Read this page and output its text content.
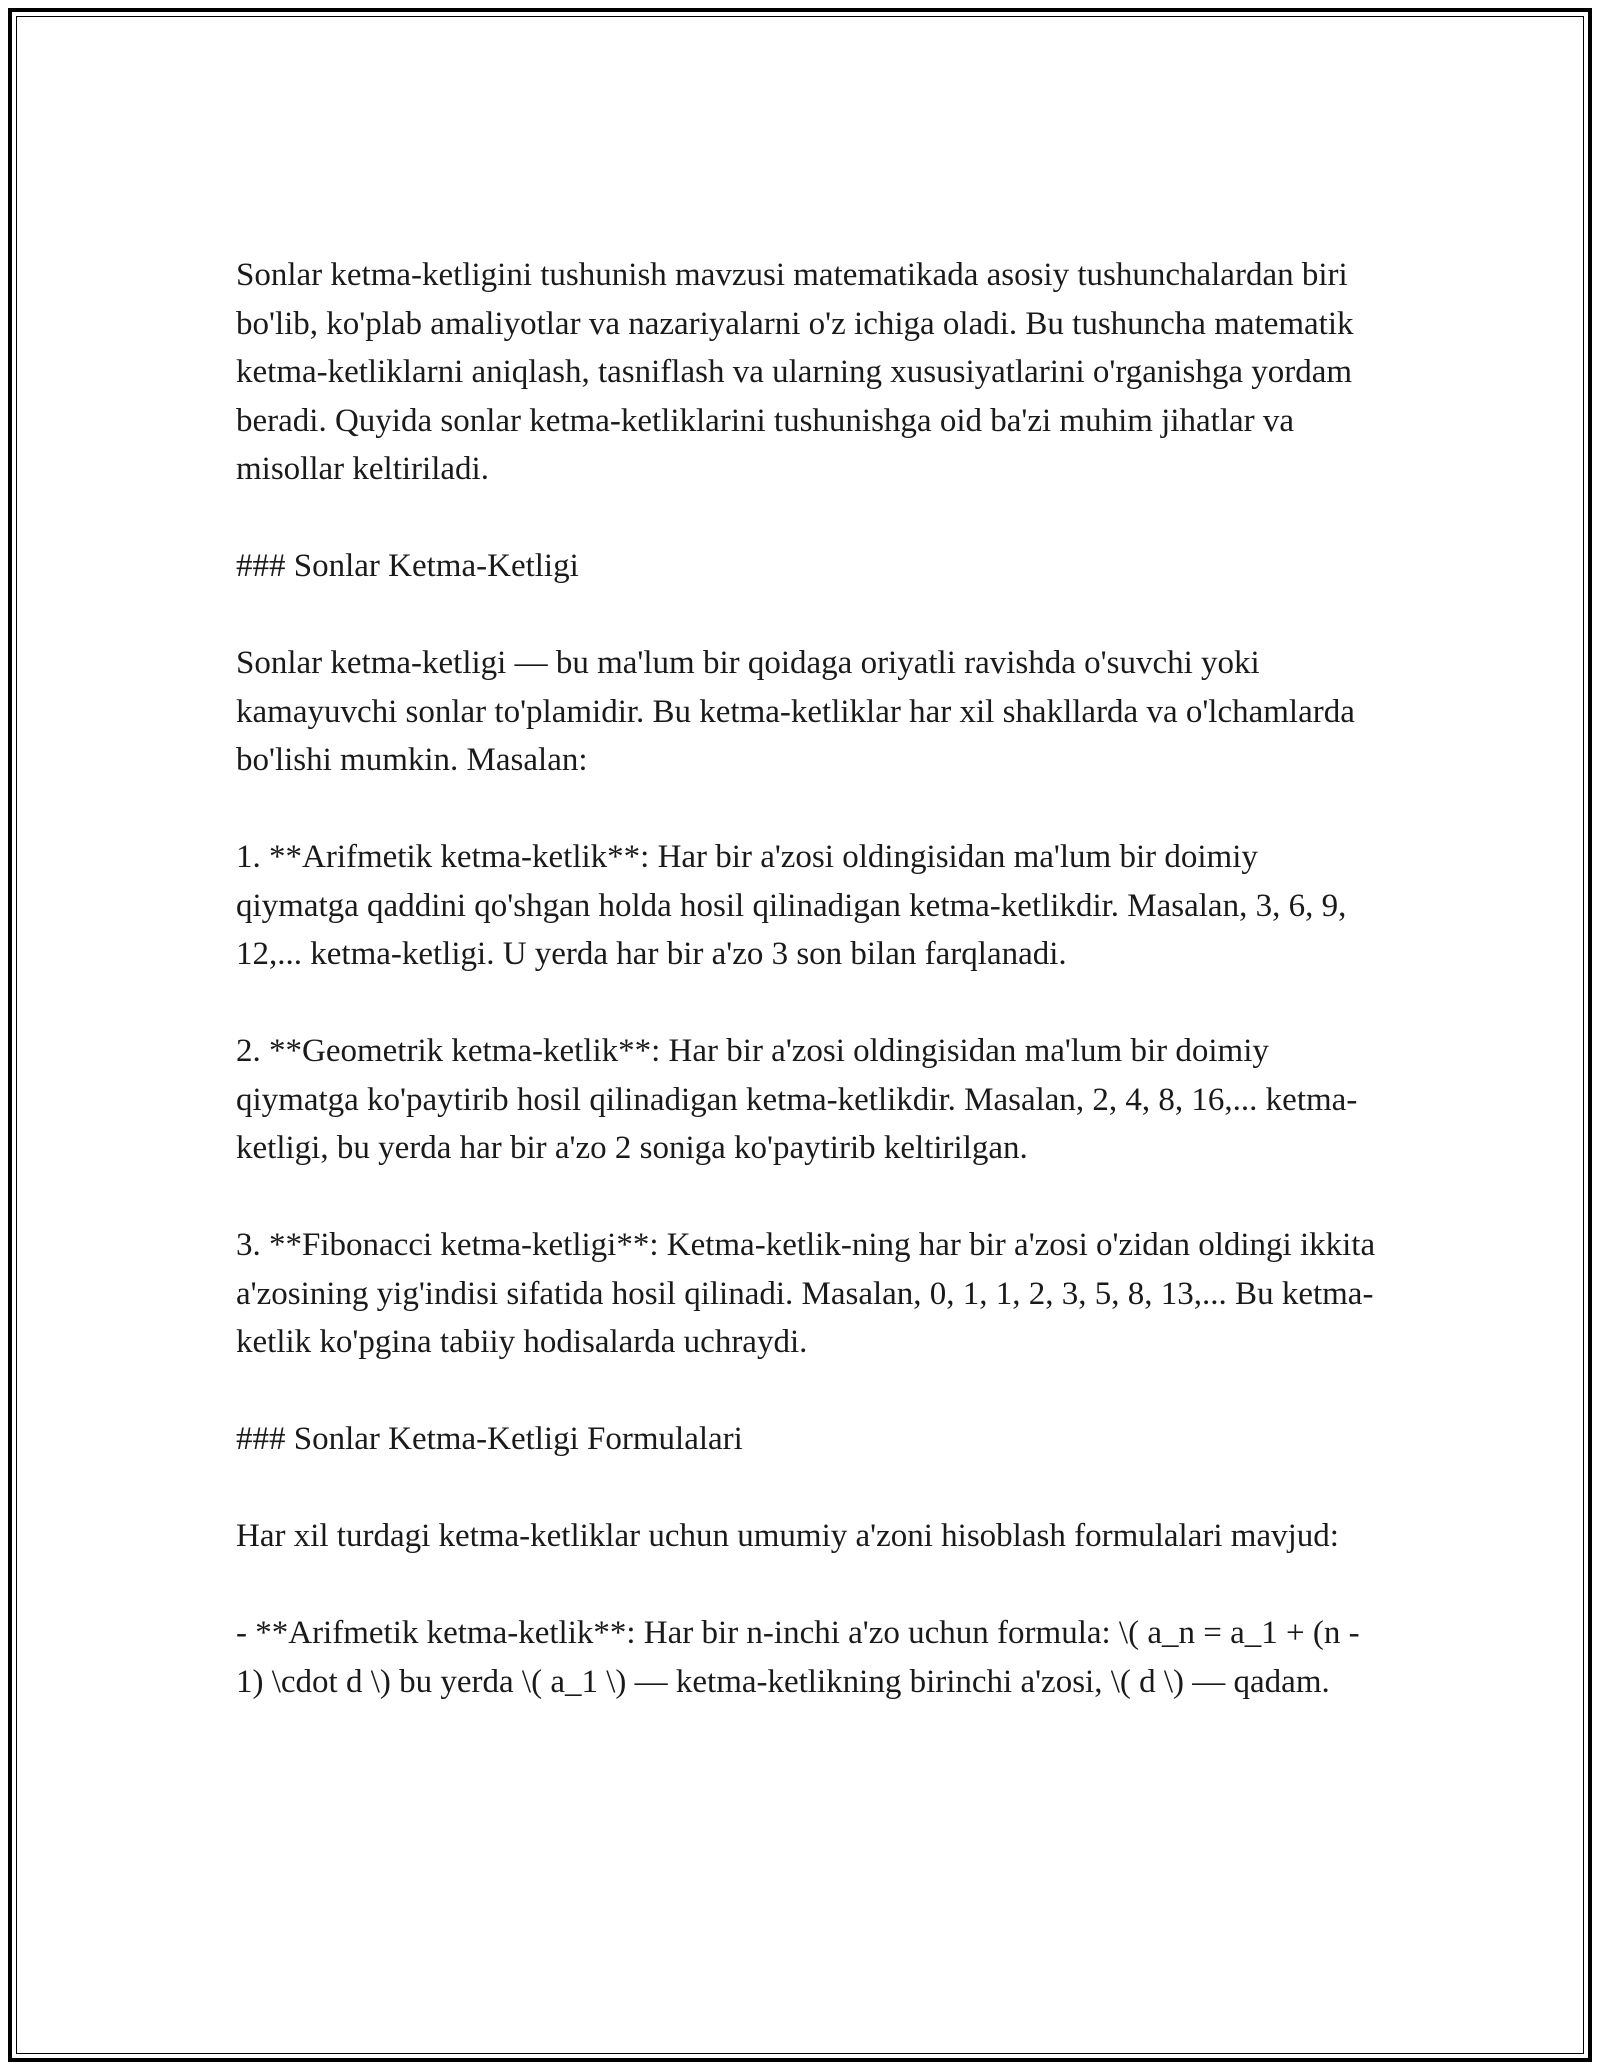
Sonlar ketma-ketligini tushunish mavzusi matematikada asosiy tushunchalardan biri bo'lib, ko'plab amaliyotlar va nazariyalarni o'z ichiga oladi. Bu tushuncha matematik ketma-ketliklarni aniqlash, tasniflash va ularning xususiyatlarini o'rganishga yordam beradi. Quyida sonlar ketma-ketliklarini tushunishga oid ba'zi muhim jihatlar va misollar keltiriladi.

### Sonlar Ketma-Ketligi

Sonlar ketma-ketligi — bu ma'lum bir qoidaga oriyatli ravishda o'suvchi yoki kamayuvchi sonlar to'plamidir. Bu ketma-ketliklar har xil shakllarda va o'lchamlarda bo'lishi mumkin. Masalan:

1. **Arifmetik ketma-ketlik**: Har bir a'zosi oldingisidan ma'lum bir doimiy qiymatga qaddini qo'shgan holda hosil qilinadigan ketma-ketlikdir. Masalan, 3, 6, 9, 12,... ketma-ketligi. U yerda har bir a'zo 3 son bilan farqlanadi.

2. **Geometrik ketma-ketlik**: Har bir a'zosi oldingisidan ma'lum bir doimiy qiymatga ko'paytirib hosil qilinadigan ketma-ketlikdir. Masalan, 2, 4, 8, 16,... ketma-ketligi, bu yerda har bir a'zo 2 soniga ko'paytirib keltirilgan.

3. **Fibonacci ketma-ketligi**: Ketma-ketlik-ning har bir a'zosi o'zidan oldingi ikkita a'zosining yig'indisi sifatida hosil qilinadi. Masalan, 0, 1, 1, 2, 3, 5, 8, 13,... Bu ketma-ketlik ko'pgina tabiiy hodisalarda uchraydi.

### Sonlar Ketma-Ketligi Formulalari

Har xil turdagi ketma-ketliklar uchun umumiy a'zoni hisoblash formulalari mavjud:

- **Arifmetik ketma-ketlik**: Har bir n-inchi a'zo uchun formula: \( a_n = a_1 + (n - 1) \cdot d \) bu yerda \( a_1 \) — ketma-ketlikning birinchi a'zosi, \( d \) — qadam.
